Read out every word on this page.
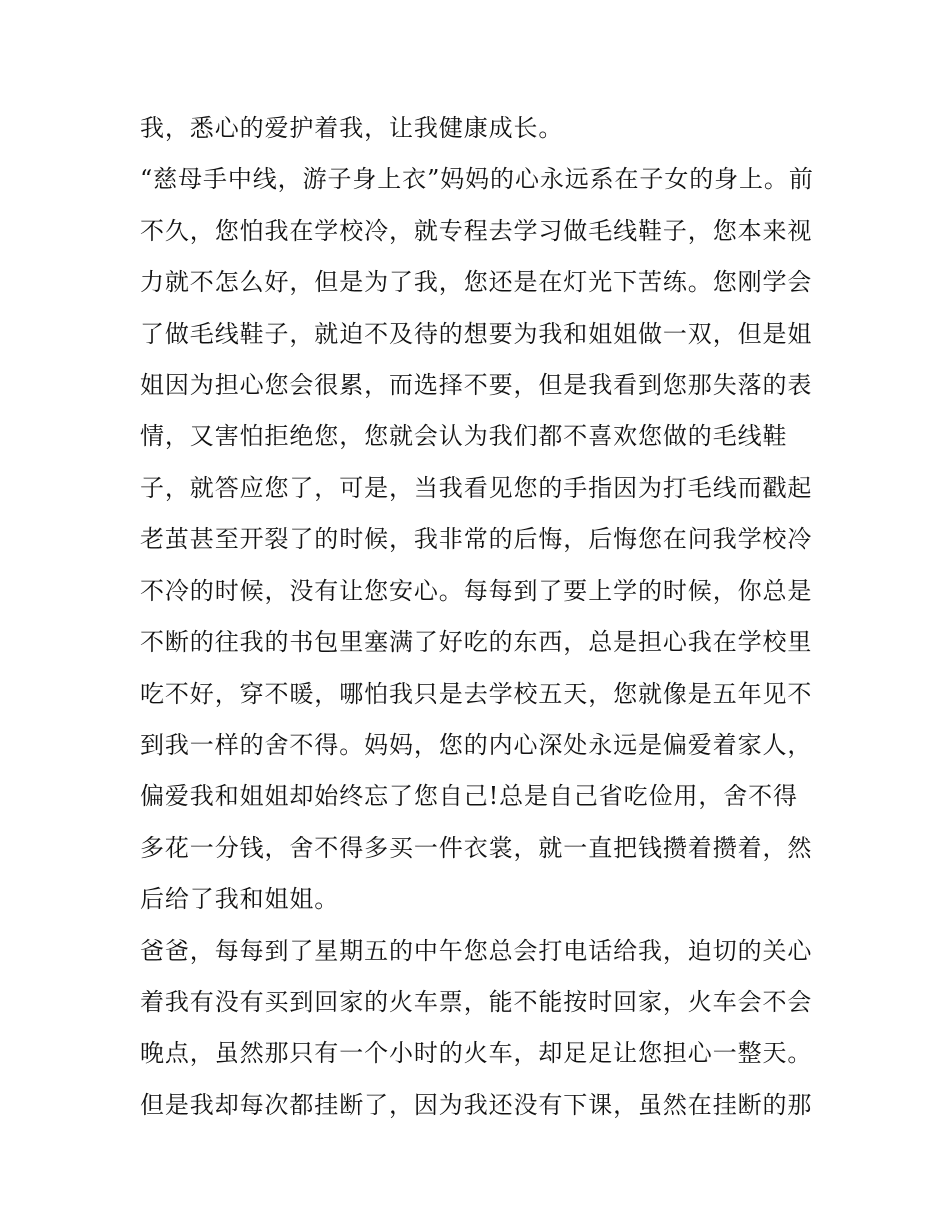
我，悉心的爱护着我，让我健康成长。
“慈母手中线，游子身上衣”妈妈的心永远系在子女的身上。前
不久，您怕我在学校冷，就专程去学习做毛线鞋子，您本来视
力就不怎么好，但是为了我，您还是在灯光下苦练。您刚学会
了做毛线鞋子，就迫不及待的想要为我和姐姐做一双，但是姐
姐因为担心您会很累，而选择不要，但是我看到您那失落的表
情，又害怕拒绝您，您就会认为我们都不喜欢您做的毛线鞋
子，就答应您了，可是，当我看见您的手指因为打毛线而戳起
老茧甚至开裂了的时候，我非常的后悔，后悔您在问我学校冷
不冷的时候，没有让您安心。每每到了要上学的时候，你总是
不断的往我的书包里塞满了好吃的东西，总是担心我在学校里
吃不好，穿不暖，哪怕我只是去学校五天，您就像是五年见不
到我一样的舍不得。妈妈，您的内心深处永远是偏爱着家人，
偏爱我和姐姐却始终忘了您自己!总是自己省吃俭用，舍不得
多花一分钱，舍不得多买一件衣裳，就一直把钱攒着攒着，然
后给了我和姐姐。
爸爸，每每到了星期五的中午您总会打电话给我，迫切的关心
着我有没有买到回家的火车票，能不能按时回家，火车会不会
晚点，虽然那只有一个小时的火车，却足足让您担心一整天。
但是我却每次都挂断了，因为我还没有下课，虽然在挂断的那
